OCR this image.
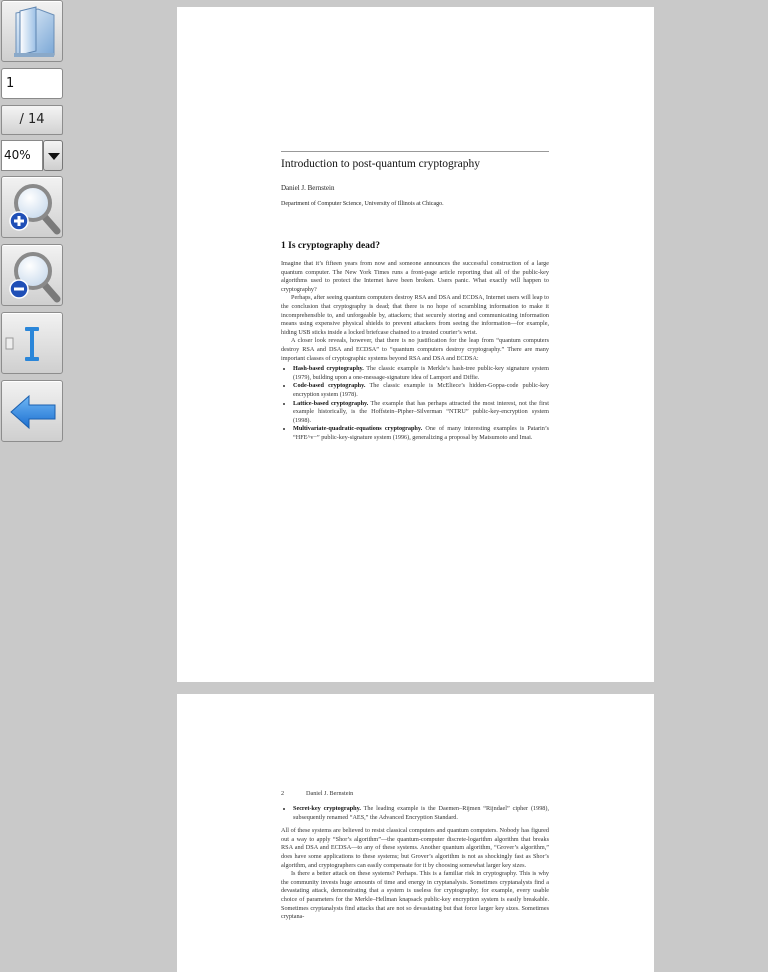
1
/ 14
40%
Introduction to post-quantum cryptography
Daniel J. Bernstein
Department of Computer Science, University of Illinois at Chicago.
1 Is cryptography dead?

Imagine that it’s fifteen years from now and someone announces the successful construction of a large quantum computer. The New York Times runs a front-page article reporting that all of the public-key algorithms used to protect the Internet have been broken. Users panic. What exactly will happen to cryptography?

Perhaps, after seeing quantum computers destroy RSA and DSA and ECDSA, Internet users will leap to the conclusion that cryptography is dead; that there is no hope of scrambling information to make it incomprehensible to, and unforgeable by, attackers; that securely storing and communicating information means using expensive physical shields to prevent attackers from seeing the information—for example, hiding USB sticks inside a locked briefcase chained to a trusted courier’s wrist.

A closer look reveals, however, that there is no justification for the leap from “quantum computers destroy RSA and DSA and ECDSA” to “quantum computers destroy cryptography.” There are many important classes of cryptographic systems beyond RSA and DSA and ECDSA:

• Hash-based cryptography. The classic example is Merkle’s hash-tree public-key signature system (1979), building upon a one-message-signature idea of Lamport and Diffie.
• Code-based cryptography. The classic example is McEliece’s hidden-Goppa-code public-key encryption system (1978).
• Lattice-based cryptography. The example that has perhaps attracted the most interest, not the first example historically, is the Hoffstein–Pipher–Silverman “NTRU” public-key-encryption system (1998).
• Multivariate-quadratic-equations cryptography. One of many interesting examples is Patarin’s “HFE^v−” public-key-signature system (1996), generalizing a proposal by Matsumoto and Imai.
2	Daniel J. Bernstein
• Secret-key cryptography. The leading example is the Daemen–Rijmen “Rijndael” cipher (1998), subsequently renamed “AES,” the Advanced Encryption Standard.

All of these systems are believed to resist classical computers and quantum computers. Nobody has figured out a way to apply “Shor’s algorithm”—the quantum-computer discrete-logarithm algorithm that breaks RSA and DSA and ECDSA—to any of these systems. Another quantum algorithm, “Grover’s algorithm,” does have some applications to these systems; but Grover’s algorithm is not as shockingly fast as Shor’s algorithm, and cryptographers can easily compensate for it by choosing somewhat larger key sizes.

Is there a better attack on these systems? Perhaps. This is a familiar risk in cryptography. This is why the community invests huge amounts of time and energy in cryptanalysis. Sometimes cryptanalysts find a devastating attack, demonstrating that a system is useless for cryptography; for example, every usable choice of parameters for the Merkle–Hellman knapsack public-key encryption system is easily breakable. Sometimes cryptanalysts find attacks that are not so devastating but that force larger key sizes. Sometimes cryptana-
